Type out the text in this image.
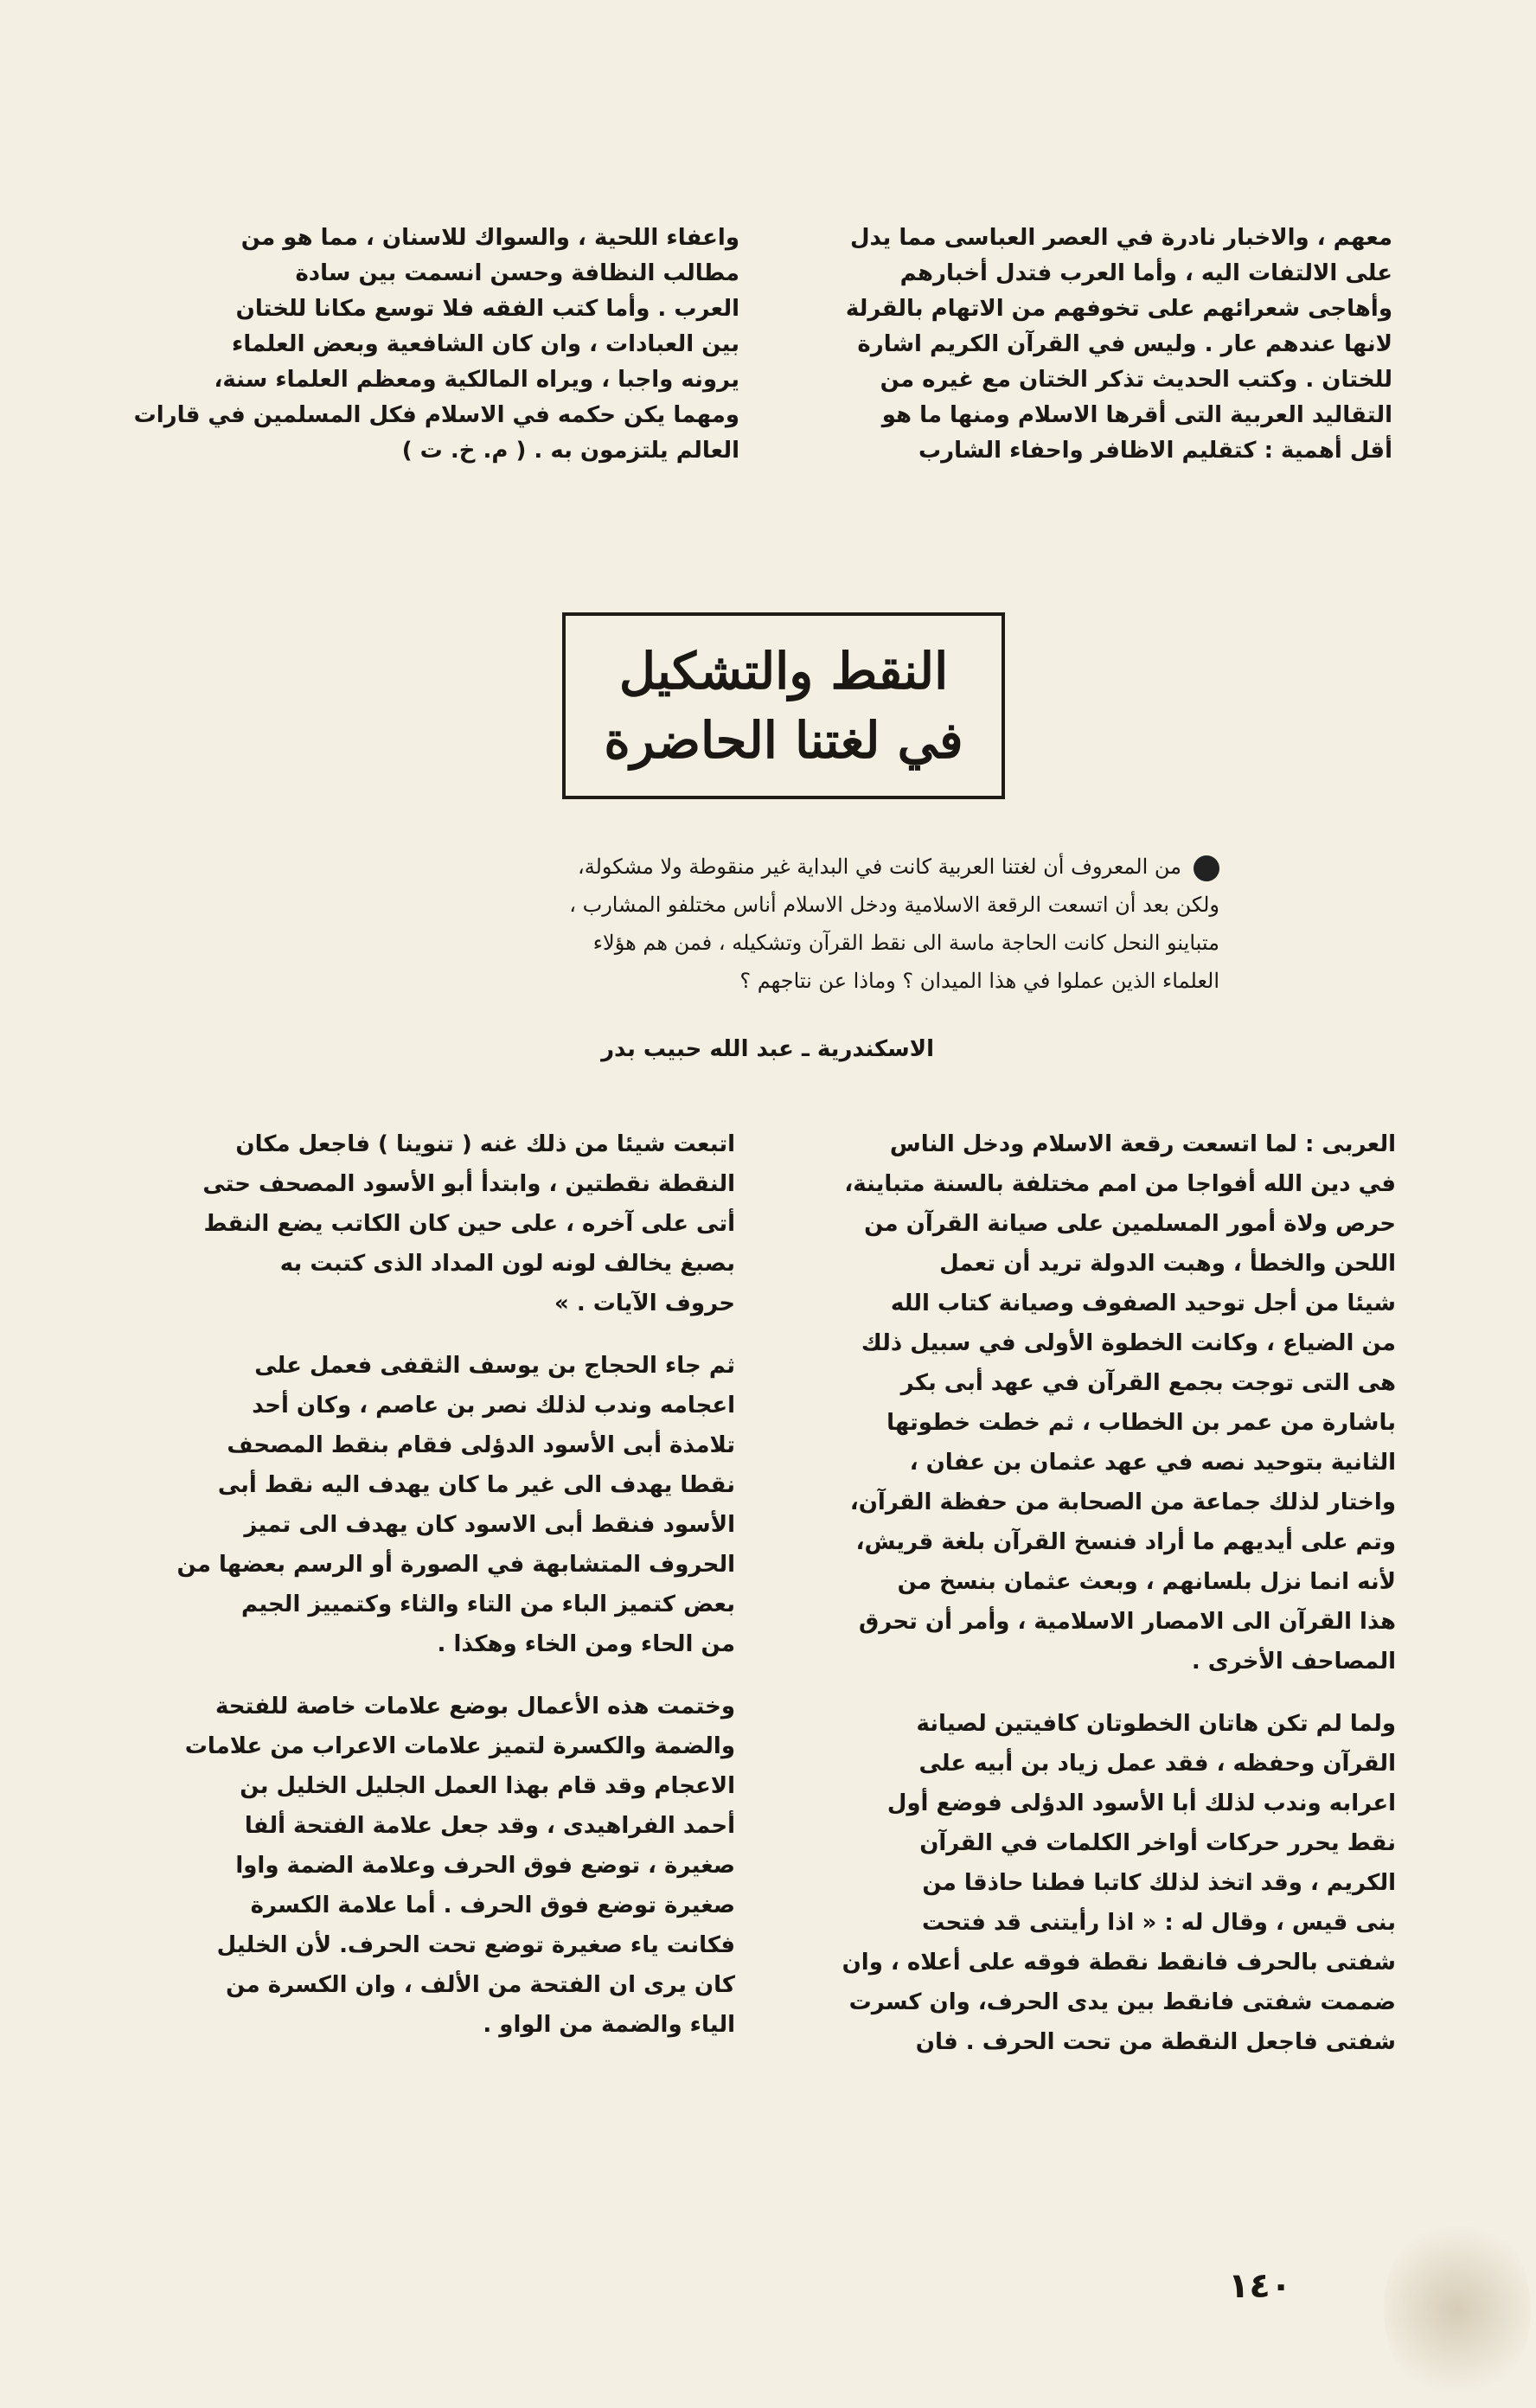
معهم ، والاخبار نادرة في العصر العباسى مما يدل
على الالتفات اليه ، وأما العرب فتدل أخبارهم
وأهاجى شعرائهم على تخوفهم من الاتهام بالقرلة
لانها عندهم عار . وليس في القرآن الكريم اشارة
للختان . وكتب الحديث تذكر الختان مع غيره من
التقاليد العربية التى أقرها الاسلام ومنها ما هو
أقل أهمية : كتقليم الاظافر واحفاء الشارب

واعفاء اللحية ، والسواك للاسنان ، مما هو من
مطالب النظافة وحسن انسمت بين سادة
العرب . وأما كتب الفقه فلا توسع مكانا للختان
بين العبادات ، وان كان الشافعية وبعض العلماء
يرونه واجبا ، ويراه المالكية ومعظم العلماء سنة،
ومهما يكن حكمه في الاسلام فكل المسلمين في قارات
العالم يلتزمون به . ( م. خ. ت )

النقط والتشكيل
في لغتنا الحاضرة
من المعروف أن لغتنا العربية كانت في البداية غير منقوطة ولا مشكولة،
ولكن بعد أن اتسعت الرقعة الاسلامية ودخل الاسلام أناس مختلفو المشارب ،
متباينو النحل كانت الحاجة ماسة الى نقط القرآن وتشكيله ، فمن هم هؤلاء
العلماء الذين عملوا في هذا الميدان ؟ وماذا عن نتاجهم ؟
الاسكندرية ـ عبد الله حبيب بدر

العربى : لما اتسعت رقعة الاسلام ودخل الناس
في دين الله أفواجا من امم مختلفة بالسنة متباينة،
حرص ولاة أمور المسلمين على صيانة القرآن من
اللحن والخطأ ، وهبت الدولة تريد أن تعمل
شيئا من أجل توحيد الصفوف وصيانة كتاب الله
من الضياع ، وكانت الخطوة الأولى في سبيل ذلك
هى التى توجت بجمع القرآن في عهد أبى بكر
باشارة من عمر بن الخطاب ، ثم خطت خطوتها
الثانية بتوحيد نصه في عهد عثمان بن عفان ،
واختار لذلك جماعة من الصحابة من حفظة القرآن،
وتم على أيديهم ما أراد فنسخ القرآن بلغة قريش،
لأنه انما نزل بلسانهم ، وبعث عثمان بنسخ من
هذا القرآن الى الامصار الاسلامية ، وأمر أن تحرق
المصاحف الأخرى .

ولما لم تكن هاتان الخطوتان كافيتين لصيانة
القرآن وحفظه ، فقد عمل زياد بن أبيه على
اعرابه وندب لذلك أبا الأسود الدؤلى فوضع أول
نقط يحرر حركات أواخر الكلمات في القرآن
الكريم ، وقد اتخذ لذلك كاتبا فطنا حاذقا من
بنى قيس ، وقال له : « اذا رأيتنى قد فتحت
شفتى بالحرف فانقط نقطة فوقه على أعلاه ، وان
ضممت شفتى فانقط بين يدى الحرف، وان كسرت
شفتى فاجعل النقطة من تحت الحرف . فان

اتبعت شيئا من ذلك غنه ( تنوينا ) فاجعل مكان
النقطة نقطتين ، وابتدأ أبو الأسود المصحف حتى
أتى على آخره ، على حين كان الكاتب يضع النقط
بصبغ يخالف لونه لون المداد الذى كتبت به
حروف الآيات . »

ثم جاء الحجاج بن يوسف الثقفى فعمل على
اعجامه وندب لذلك نصر بن عاصم ، وكان أحد
تلامذة أبى الأسود الدؤلى فقام بنقط المصحف
نقطا يهدف الى غير ما كان يهدف اليه نقط أبى
الأسود فنقط أبى الاسود كان يهدف الى تميز
الحروف المتشابهة في الصورة أو الرسم بعضها من
بعض كتميز الباء من التاء والثاء وكتمييز الجيم
من الحاء ومن الخاء وهكذا .

وختمت هذه الأعمال بوضع علامات خاصة للفتحة
والضمة والكسرة لتميز علامات الاعراب من علامات
الاعجام وقد قام بهذا العمل الجليل الخليل بن
أحمد الفراهيدى ، وقد جعل علامة الفتحة ألفا
صغيرة ، توضع فوق الحرف وعلامة الضمة واوا
صغيرة توضع فوق الحرف . أما علامة الكسرة
فكانت ياء صغيرة توضع تحت الحرف. لأن الخليل
كان يرى ان الفتحة من الألف ، وان الكسرة من
الياء والضمة من الواو .

١٤٠
